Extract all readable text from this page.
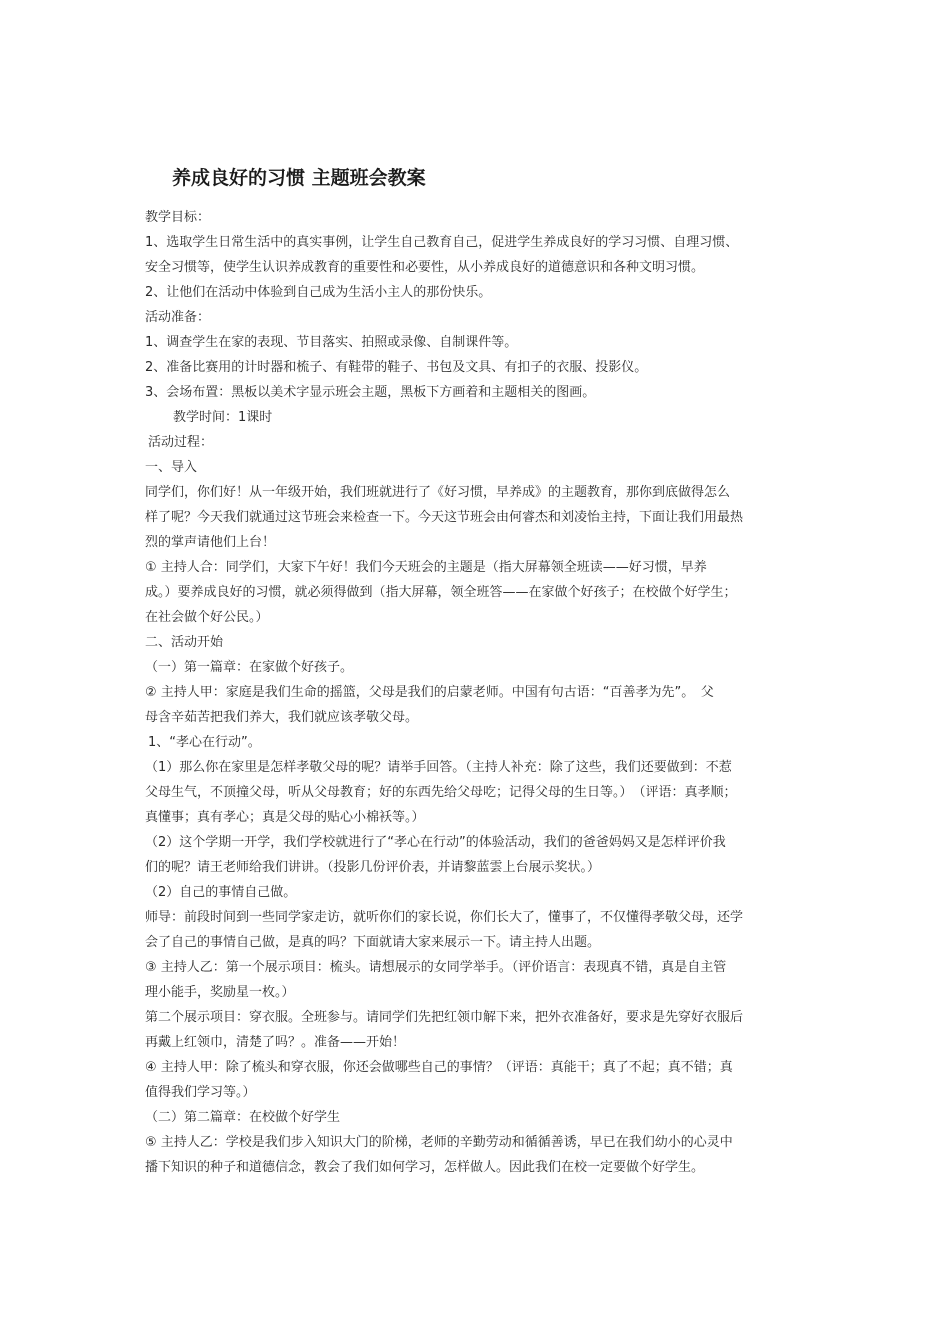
养成良好的习惯 主题班会教案
教学目标：
1、选取学生日常生活中的真实事例，让学生自己教育自己，促进学生养成良好的学习习惯、自理习惯、
安全习惯等，使学生认识养成教育的重要性和必要性，从小养成良好的道德意识和各种文明习惯。
2、让他们在活动中体验到自己成为生活小主人的那份快乐。
活动准备：
1、调查学生在家的表现、节目落实、拍照或录像、自制课件等。
2、准备比赛用的计时器和梳子、有鞋带的鞋子、书包及文具、有扣子的衣服、投影仪。
3、会场布置：黑板以美术字显示班会主题，黑板下方画着和主题相关的图画。
教学时间：1课时
活动过程：
一、导入
同学们，你们好！从一年级开始，我们班就进行了《好习惯，早养成》的主题教育，那你到底做得怎么
样了呢？今天我们就通过这节班会来检查一下。今天这节班会由何睿杰和刘凌怡主持，下面让我们用最热
烈的掌声请他们上台！
① 主持人合：同学们，大家下午好！我们今天班会的主题是（指大屏幕领全班读——好习惯，早养
成。）要养成良好的习惯，就必须得做到（指大屏幕，领全班答——在家做个好孩子；在校做个好学生；
在社会做个好公民。）
二、活动开始
（一）第一篇章：在家做个好孩子。
② 主持人甲：家庭是我们生命的摇篮，父母是我们的启蒙老师。中国有句古语：“百善孝为先”。　父
母含辛茹苦把我们养大，我们就应该孝敬父母。
1、“孝心在行动”。
（1）那么你在家里是怎样孝敬父母的呢？请举手回答。（主持人补充：除了这些，我们还要做到：不惹
父母生气，不顶撞父母，听从父母教育；好的东西先给父母吃；记得父母的生日等。）　（评语：真孝顺；
真懂事；真有孝心；真是父母的贴心小棉袄等。）
（2）这个学期一开学，我们学校就进行了“孝心在行动”的体验活动，我们的爸爸妈妈又是怎样评价我
们的呢？请王老师给我们讲讲。（投影几份评价表，并请黎蓝雲上台展示奖状。）
（2）自己的事情自己做。
师导：前段时间到一些同学家走访，就听你们的家长说，你们长大了，懂事了，不仅懂得孝敬父母，还学
会了自己的事情自己做，是真的吗？下面就请大家来展示一下。请主持人出题。
③ 主持人乙：第一个展示项目：梳头。请想展示的女同学举手。（评价语言：表现真不错，真是自主管
理小能手，奖励星一枚。）
第二个展示项目：穿衣服。全班参与。请同学们先把红领巾解下来，把外衣准备好，要求是先穿好衣服后
再戴上红领巾，清楚了吗？。准备——开始！
④ 主持人甲：除了梳头和穿衣服，你还会做哪些自己的事情？（评语：真能干；真了不起；真不错；真
值得我们学习等。）
（二）第二篇章：在校做个好学生
⑤ 主持人乙：学校是我们步入知识大门的阶梯，老师的辛勤劳动和循循善诱，早已在我们幼小的心灵中
播下知识的种子和道德信念，教会了我们如何学习，怎样做人。因此我们在校一定要做个好学生。
